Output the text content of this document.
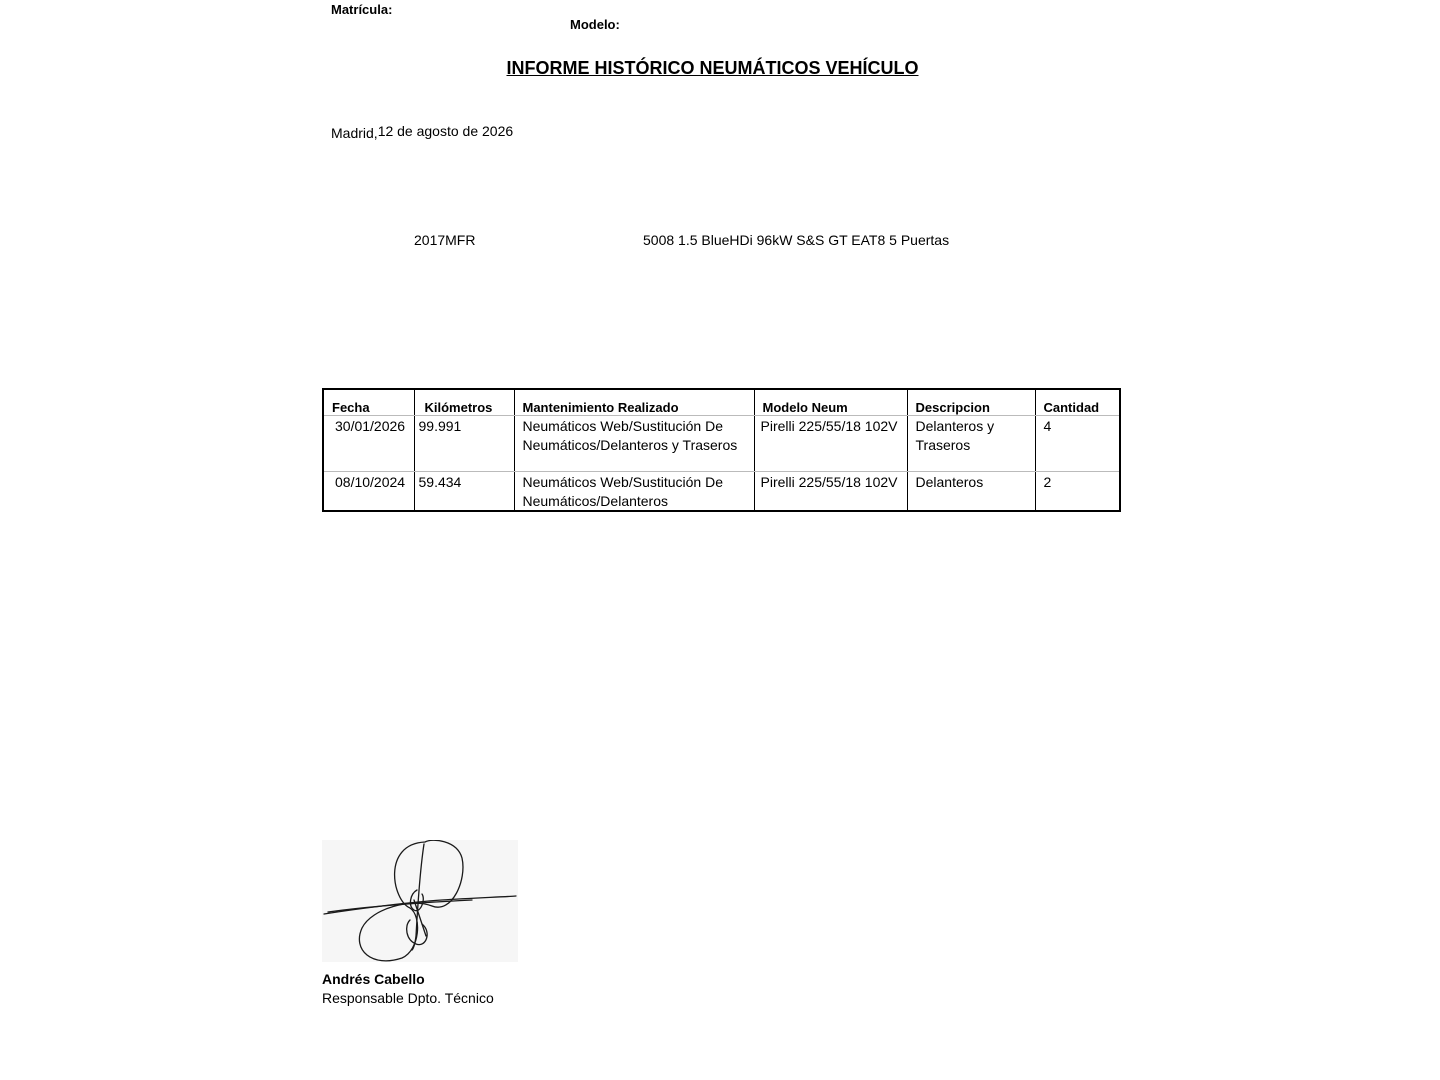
INFORME HISTÓRICO NEUMÁTICOS VEHÍCULO
Madrid,12 de agosto de 2026
Matrícula:
2017MFR
Modelo:
5008 1.5 BlueHDi 96kW S&S GT EAT8 5 Puertas
Fecha	Kilómetros	Mantenimiento Realizado	Modelo Neum	Descripcion	Cantidad
30/01/2026	99.991	Neumáticos Web/Sustitución De Neumáticos/Delanteros y Traseros	Pirelli 225/55/18 102V	Delanteros y Traseros	4
08/10/2024	59.434	Neumáticos Web/Sustitución De Neumáticos/Delanteros	Pirelli 225/55/18 102V	Delanteros	2
Andrés Cabello
Responsable Dpto. Técnico
